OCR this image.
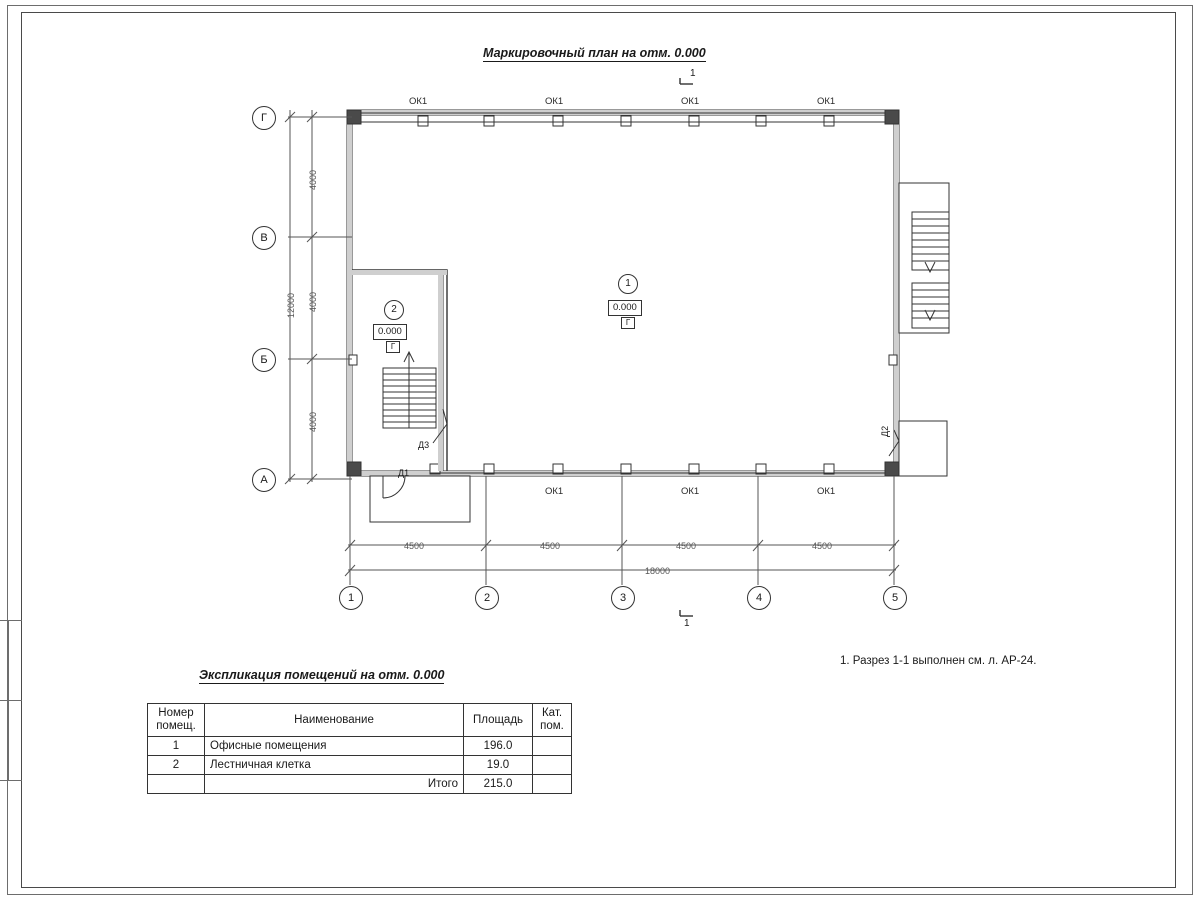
Маркировочный план на отм. 0.000
Экспликация помещений на отм. 0.000
1. Разрез 1-1 выполнен см. л. АР-24.
Г
В
Б
А
1	2	3	4	5
4500	4500	4500	4500
18000
4000
4000
4000
12000
ОК1	ОК1	ОК1	ОК1
ОК1	ОК1	ОК1
Д1
Д3
Д2
1
0.000
Г
2
0.000
Г
1
1
Номер
помещ.	Наименование	Площадь	Кат.
пом.
1	Офисные помещения	196.0	
2	Лестничная клетка	19.0	
	Итого	215.0	
